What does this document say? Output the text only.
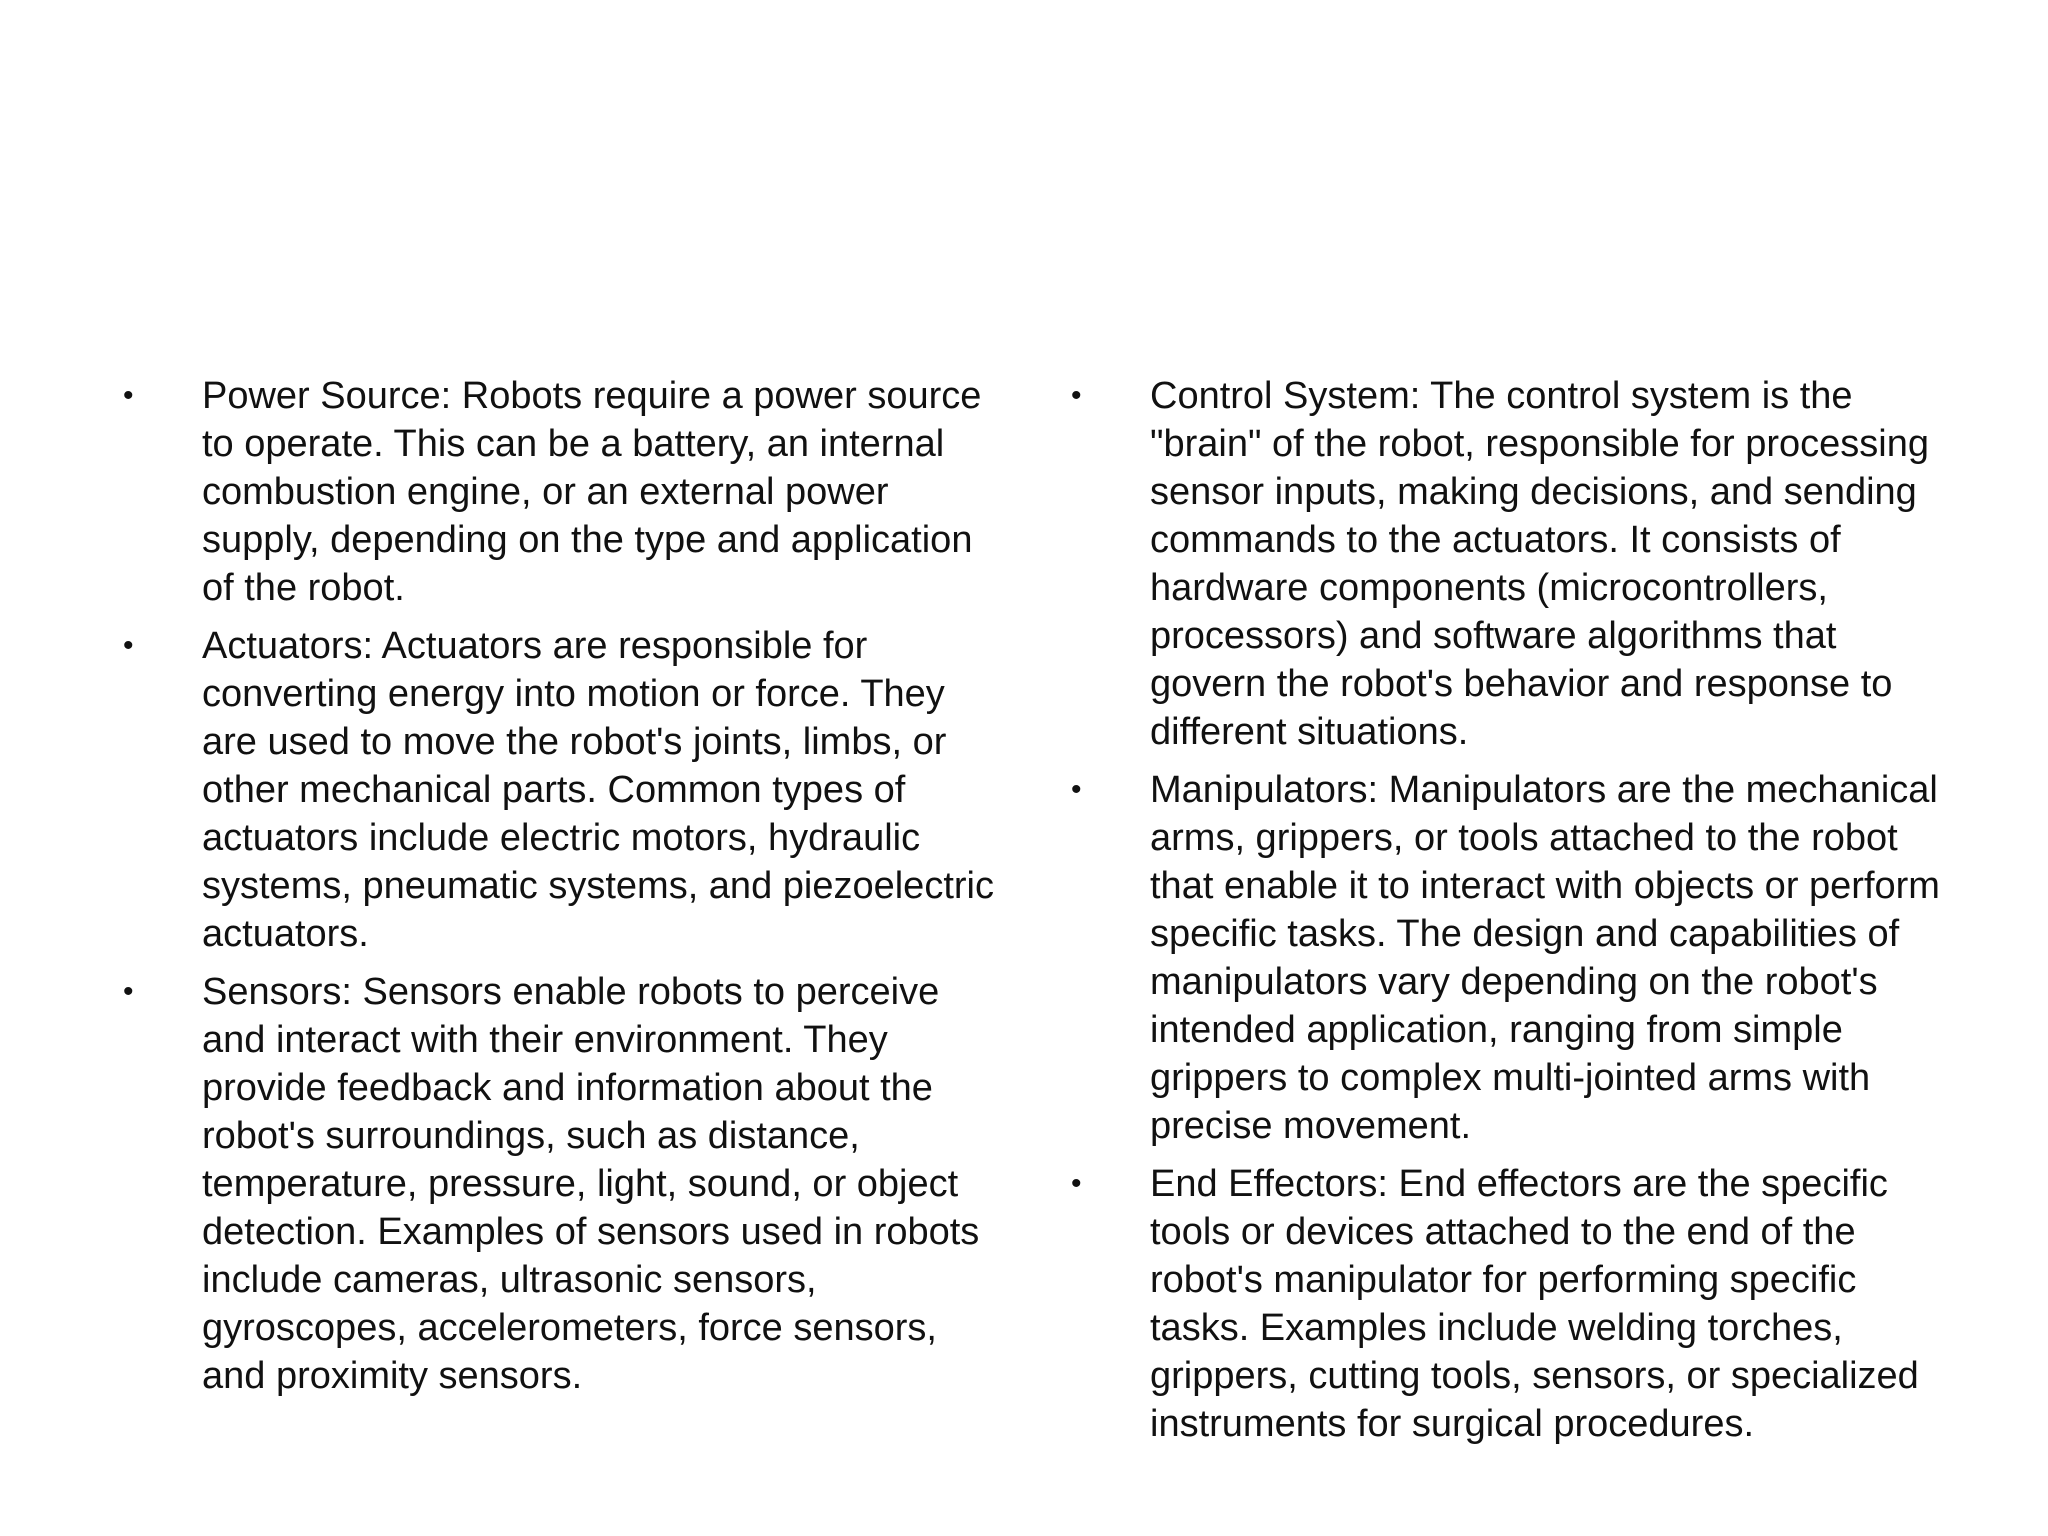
•	Power Source: Robots require a power source to operate. This can be a battery, an internal combustion engine, or an external power supply, depending on the type and application of the robot.
•	Actuators: Actuators are responsible for converting energy into motion or force. They are used to move the robot's joints, limbs, or other mechanical parts. Common types of actuators include electric motors, hydraulic systems, pneumatic systems, and piezoelectric actuators.
•	Sensors: Sensors enable robots to perceive and interact with their environment. They provide feedback and information about the robot's surroundings, such as distance, temperature, pressure, light, sound, or object detection. Examples of sensors used in robots include cameras, ultrasonic sensors, gyroscopes, accelerometers, force sensors, and proximity sensors.
•	Control System: The control system is the "brain" of the robot, responsible for processing sensor inputs, making decisions, and sending commands to the actuators. It consists of hardware components (microcontrollers, processors) and software algorithms that govern the robot's behavior and response to different situations.
•	Manipulators: Manipulators are the mechanical arms, grippers, or tools attached to the robot that enable it to interact with objects or perform specific tasks. The design and capabilities of manipulators vary depending on the robot's intended application, ranging from simple grippers to complex multi-jointed arms with precise movement.
•	End Effectors: End effectors are the specific tools or devices attached to the end of the robot's manipulator for performing specific tasks. Examples include welding torches, grippers, cutting tools, sensors, or specialized instruments for surgical procedures.
